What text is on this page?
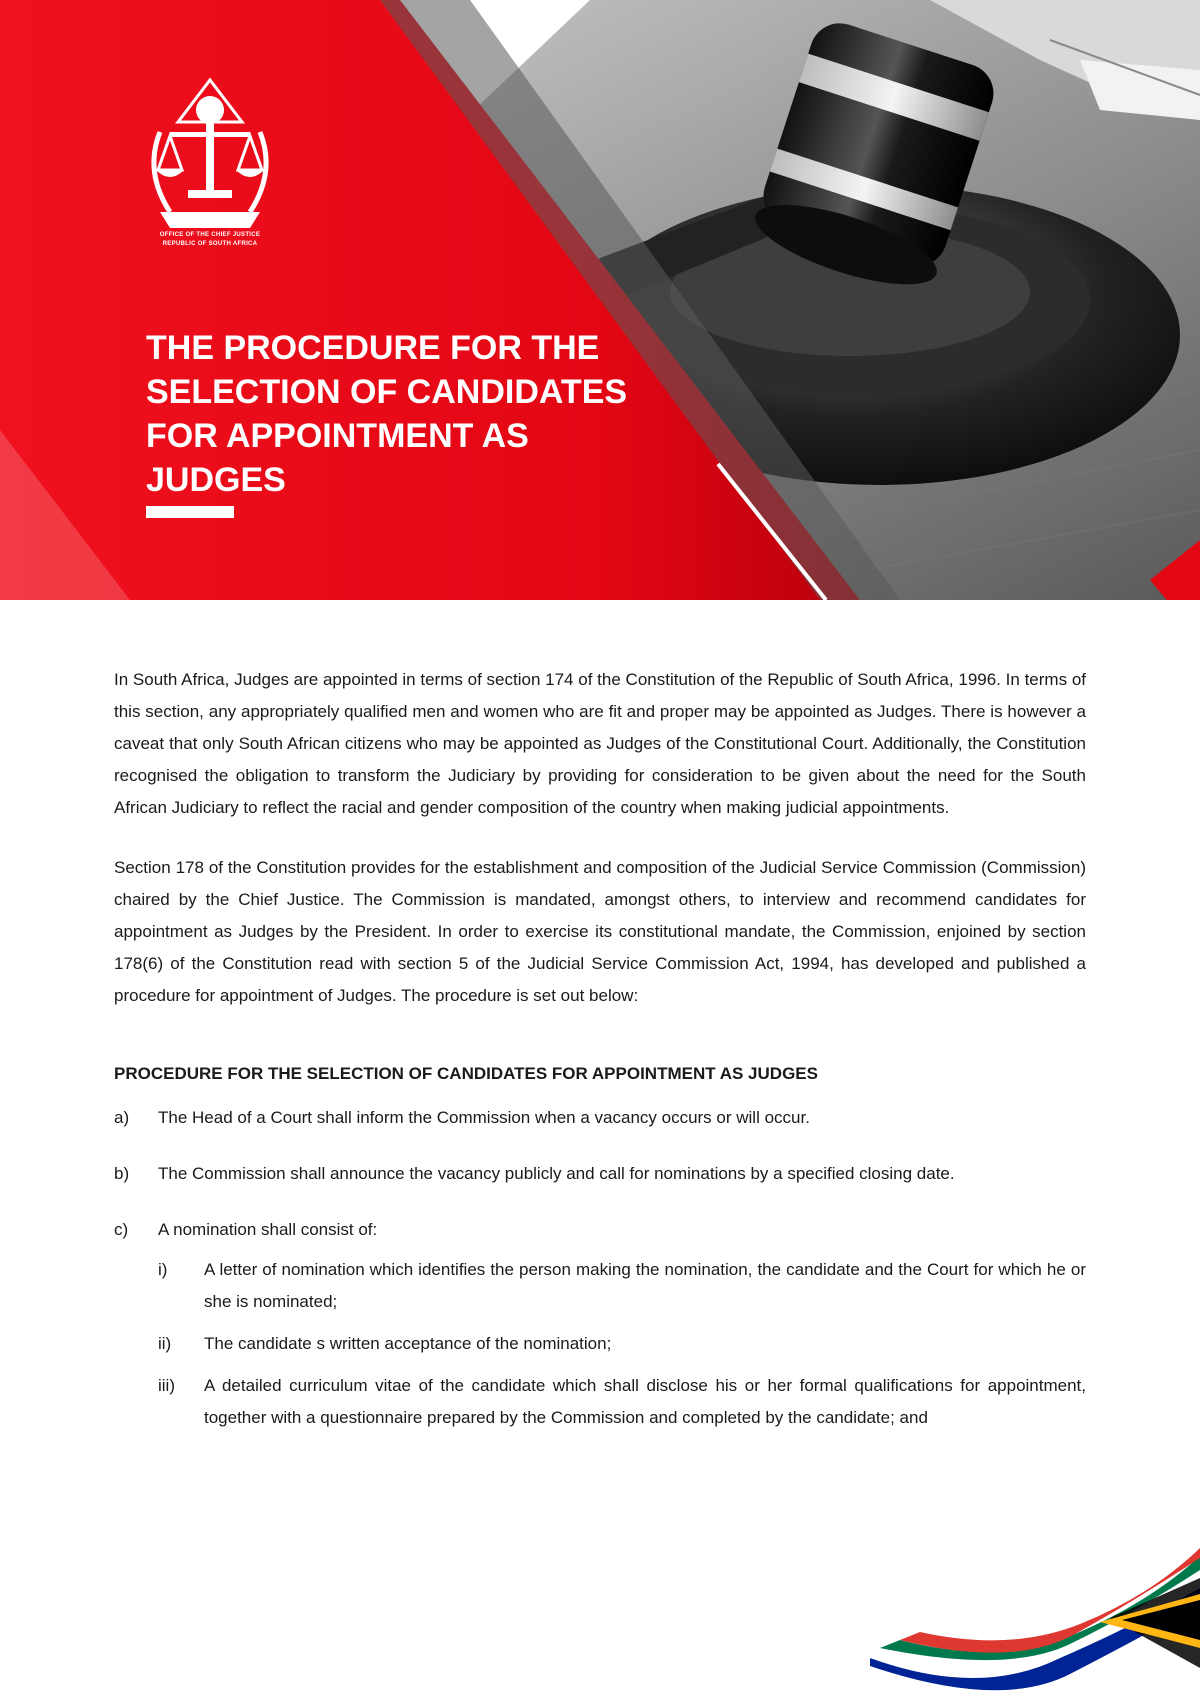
OFFICE OF THE CHIEF JUSTICE
REPUBLIC OF SOUTH AFRICA
THE PROCEDURE FOR THE SELECTION OF CANDIDATES FOR APPOINTMENT AS JUDGES

In South Africa, Judges are appointed in terms of section 174 of the Constitution of the Republic of South Africa, 1996. In terms of this section, any appropriately qualified men and women who are fit and proper may be appointed as Judges. There is however a caveat that only South African citizens who may be appointed as Judges of the Constitutional Court. Additionally, the Constitution recognised the obligation to transform the Judiciary by providing for consideration to be given about the need for the South African Judiciary to reflect the racial and gender composition of the country when making judicial appointments.

Section 178 of the Constitution provides for the establishment and composition of the Judicial Service Commission (Commission) chaired by the Chief Justice. The Commission is mandated, amongst others, to interview and recommend candidates for appointment as Judges by the President. In order to exercise its constitutional mandate, the Commission, enjoined by section 178(6) of the Constitution read with section 5 of the Judicial Service Commission Act, 1994, has developed and published a procedure for appointment of Judges. The procedure is set out below:

PROCEDURE FOR THE SELECTION OF CANDIDATES FOR APPOINTMENT AS JUDGES
a)	The Head of a Court shall inform the Commission when a vacancy occurs or will occur.
b)	The Commission shall announce the vacancy publicly and call for nominations by a specified closing date.
c)	A nomination shall consist of:
i)	A letter of nomination which identifies the person making the nomination, the candidate and the Court for which he or she is nominated;
ii)	The candidate s written acceptance of the nomination;
iii)	A detailed curriculum vitae of the candidate which shall disclose his or her formal qualifications for appointment, together with a questionnaire prepared by the Commission and completed by the candidate; and
